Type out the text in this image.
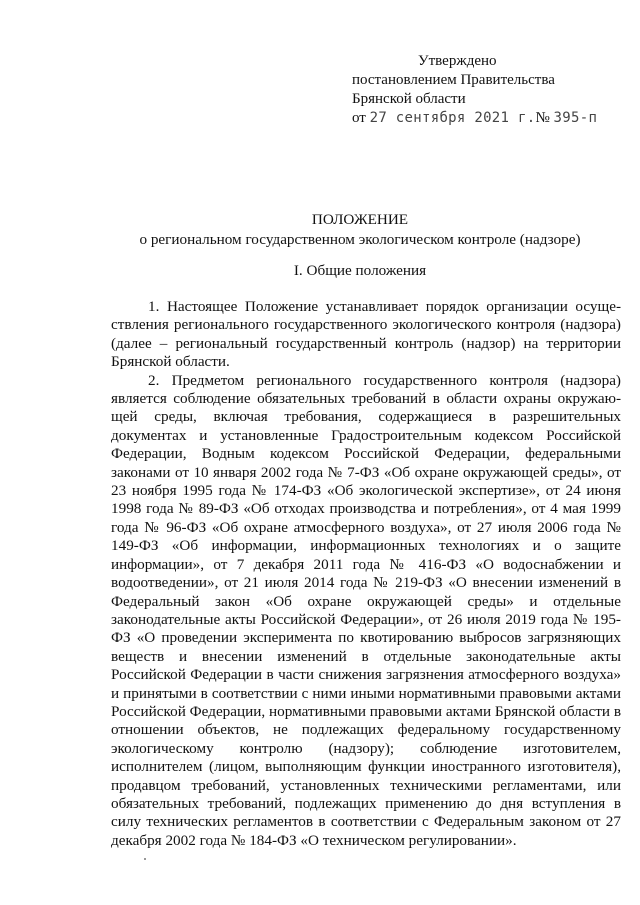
Утверждено
постановлением Правительства
Брянской области
от 27 сентября 2021 г.№ 395-п
ПОЛОЖЕНИЕ
о региональном государственном экологическом контроле (надзоре)
I. Общие положения

1. Настоящее Положение устанавливает порядок организации осуществления регионального государственного экологического контроля (надзора) (далее – региональный государственный контроль (надзор) на территории Брянской области.

2. Предметом регионального государственного контроля (надзора) является соблюдение обязательных требований в области охраны окружающей среды, включая требования, содержащиеся в разрешительных документах и установленные Градостроительным кодексом Российской Федерации, Водным кодексом Российской Федерации, федеральными законами от 10 января 2002 года № 7-ФЗ «Об охране окружающей среды», от 23 ноября 1995 года № 174-ФЗ «Об экологической экспертизе», от 24 июня 1998 года № 89-ФЗ «Об отходах производства и потребления», от 4 мая 1999 года № 96-ФЗ «Об охране атмосферного воздуха», от 27 июля 2006 года № 149-ФЗ «Об информации, информационных технологиях и о защите информации», от 7 декабря 2011 года № 416-ФЗ «О водоснабжении и водоотведении», от 21 июля 2014 года № 219-ФЗ «О внесении изменений в Федеральный закон «Об охране окружающей среды» и отдельные законодательные акты Российской Федерации», от 26 июля 2019 года № 195-ФЗ «О проведении эксперимента по квотированию выбросов загрязняющих веществ и внесении изменений в отдельные законодательные акты Российской Федерации в части снижения загрязнения атмосферного воздуха» и принятыми в соответствии с ними иными нормативными правовыми актами Российской Федерации, нормативными правовыми актами Брянской области в отношении объектов, не подлежащих федеральному государственному экологическому контролю (надзору); соблюдение изготовителем, исполнителем (лицом, выполняющим функции иностранного изготовителя), продавцом требований, установленных техническими регламентами, или обязательных требований, подлежащих применению до дня вступления в силу технических регламентов в соответствии с Федеральным законом от 27 декабря 2002 года № 184-ФЗ «О техническом регулировании».
